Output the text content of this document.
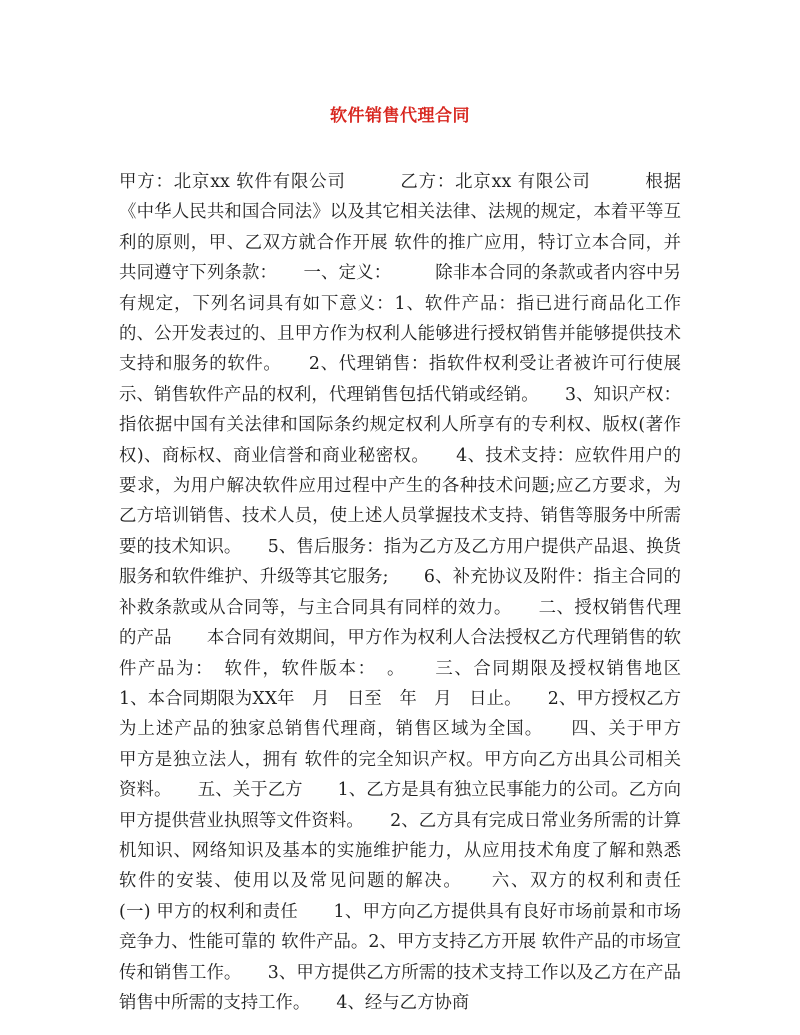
软件销售代理合同
甲方：北京xx 软件有限公司　　　乙方：北京xx 有限公司　　　根据《中华人民共和国合同法》以及其它相关法律、法规的规定，本着平等互利的原则，甲、乙双方就合作开展 软件的推广应用，特订立本合同，并共同遵守下列条款：　　一、定义：　　　除非本合同的条款或者内容中另有规定，下列名词具有如下意义：1、软件产品：指已进行商品化工作的、公开发表过的、且甲方作为权利人能够进行授权销售并能够提供技术支持和服务的软件。　　2、代理销售：指软件权利受让者被许可行使展示、销售软件产品的权利，代理销售包括代销或经销。　　3、知识产权：指依据中国有关法律和国际条约规定权利人所享有的专利权、版权(著作权)、商标权、商业信誉和商业秘密权。　　4、技术支持：应软件用户的要求，为用户解决软件应用过程中产生的各种技术问题;应乙方要求，为乙方培训销售、技术人员，使上述人员掌握技术支持、销售等服务中所需要的技术知识。　　5、售后服务：指为乙方及乙方用户提供产品退、换货服务和软件维护、升级等其它服务;　　6、补充协议及附件：指主合同的补救条款或从合同等，与主合同具有同样的效力。　　二、授权销售代理的产品　　本合同有效期间，甲方作为权利人合法授权乙方代理销售的软件产品为：　软件，软件版本：　。　　三、合同期限及授权销售地区　　1、本合同期限为XX年　月　日至　年　月　日止。　　2、甲方授权乙方为上述产品的独家总销售代理商，销售区域为全国。　　四、关于甲方　　甲方是独立法人，拥有 软件的完全知识产权。甲方向乙方出具公司相关资料。　　五、关于乙方　　1、乙方是具有独立民事能力的公司。乙方向甲方提供营业执照等文件资料。　　2、乙方具有完成日常业务所需的计算机知识、网络知识及基本的实施维护能力，从应用技术角度了解和熟悉 软件的安装、使用以及常见问题的解决。　　六、双方的权利和责任　　(一) 甲方的权利和责任　　1、甲方向乙方提供具有良好市场前景和市场竞争力、性能可靠的 软件产品。2、甲方支持乙方开展 软件产品的市场宣传和销售工作。　　3、甲方提供乙方所需的技术支持工作以及乙方在产品销售中所需的支持工作。　　4、经与乙方协商
